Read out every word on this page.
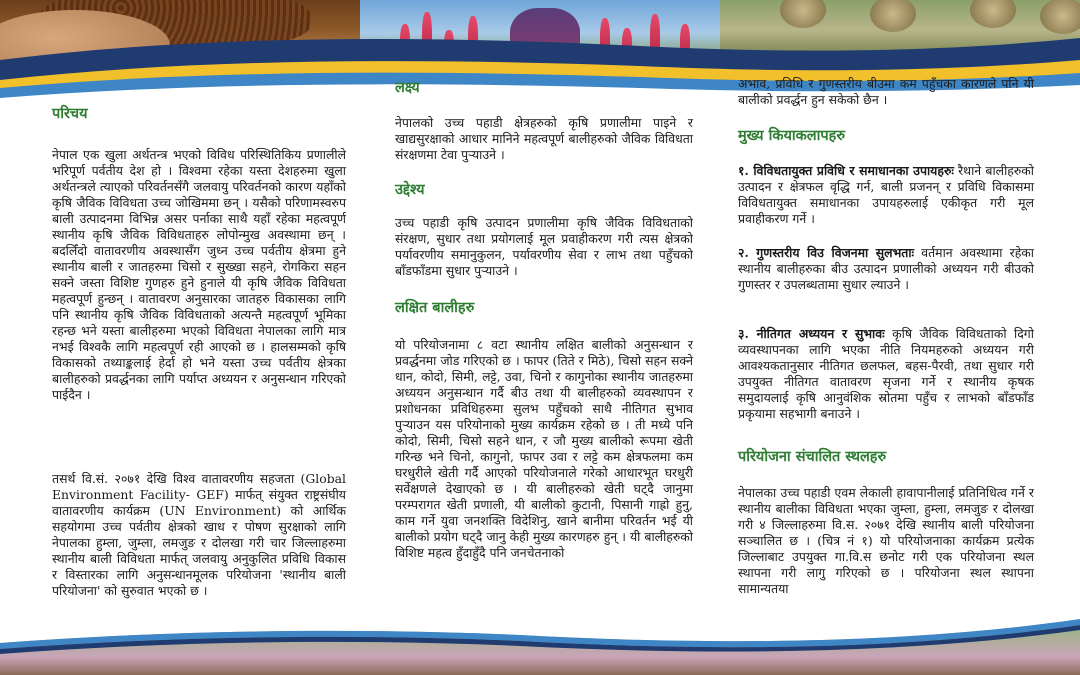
परिचय

नेपाल एक खुला अर्थतन्त्र भएको विविध परिस्थितिकिय प्रणालीले भरिपूर्ण पर्वतीय देश हो । विश्वमा रहेका यस्ता देशहरुमा खुला अर्थतन्त्रले त्याएको परिवर्तनसँगै जलवायु परिवर्तनको कारण यहाँको कृषि जैविक विविधता उच्च जोखिममा छन् । यसैको परिणामस्वरुप बाली उत्पादनमा विभिन्न असर पर्नाका साथै यहाँ रहेका महत्वपूर्ण स्थानीय कृषि जैविक विविधताहरु लोपोन्मुख अवस्थामा छन् । बदलिँदो वातावरणीय अवस्थासँग जुध्न उच्च पर्वतीय क्षेत्रमा हुने स्थानीय बाली र जातहरुमा चिसो र सुख्खा सहने, रोगकिरा सहन सक्ने जस्ता विशिष्ट गुणहरु हुने हुनाले यी कृषि जैविक विविधता महत्वपूर्ण हुन्छन् । वातावरण अनुसारका जातहरु विकासका लागि पनि स्थानीय कृषि जैविक विविधताको अत्यन्तै महत्वपूर्ण भूमिका रहन्छ भने यस्ता बालीहरुमा भएको विविधता नेपालका लागि मात्र नभई विश्वकै लागि महत्वपूर्ण रही आएको छ । हालसम्मको कृषि विकासको तथ्याङ्कलाई हेर्दा हो भने यस्ता उच्च पर्वतीय क्षेत्रका बालीहरुको प्रवर्द्धनका लागि पर्याप्त अध्ययन र अनुसन्धान गरिएको पाईदैन ।

तसर्थ वि.सं. २०७१ देखि विश्व वातावरणीय सहजता (Global Environment Facility- GEF) मार्फत् संयुक्त राष्ट्रसंघीय वातावरणीय कार्यक्रम (UN Environment) को आर्थिक सहयोगमा उच्च पर्वतीय क्षेत्रको खाध र पोषण सुरक्षाको लागि नेपालका हुम्ला, जुम्ला, लमजुङ र दोलखा गरी चार जिल्लाहरुमा स्थानीय बाली विविधता मार्फत् जलवायु अनुकुलित प्रविधि विकास र विस्तारका लागि अनुसन्धानमूलक परियोजना 'स्थानीय बाली परियोजना' को सुरुवात भएको छ ।

लक्ष्य

नेपालको उच्च पहाडी क्षेत्रहरुको कृषि प्रणालीमा पाइने र खाद्यसुरक्षाको आधार मानिने महत्वपूर्ण बालीहरुको जैविक विविधता संरक्षणमा टेवा पुऱ्याउने ।

उद्देश्य

उच्च पहाडी कृषि उत्पादन प्रणालीमा कृषि जैविक विविधताको संरक्षण, सुधार तथा प्रयोगलाई मूल प्रवाहीकरण गरी त्यस क्षेत्रको पर्यावरणीय समानुकुलन, पर्यावरणीय सेवा र लाभ तथा पहुँचको बाँडफाँडमा सुधार पुऱ्याउने ।

लक्षित बालीहरु

यो परियोजनामा ८ वटा स्थानीय लक्षित बालीको अनुसन्धान र प्रवर्द्धनमा जोड गरिएको छ । फापर (तिते र मिठे), चिसो सहन सक्ने धान, कोदो, सिमी, लट्टे, उवा, चिनो र कागुनोका स्थानीय जातहरुमा अध्ययन अनुसन्धान गर्दै बीउ तथा यी बालीहरुको व्यवस्थापन र प्रशोधनका प्रविधिहरुमा सुलभ पहुँचको साथै नीतिगत सुभाव पुऱ्याउन यस परियोनाको मुख्य कार्यक्रम रहेको छ । ती मध्ये पनि कोदो, सिमी, चिसो सहने धान, र जौ मुख्य बालीको रूपमा खेती गरिन्छ भने चिनो, कागुनो, फापर उवा र लट्टे कम क्षेत्रफलमा कम घरधुरीले खेती गर्दै आएको परियोजनाले गरेको आधारभूत घरधुरी सर्वेक्षणले देखाएको छ । यी बालीहरुको खेती घट्दै जानुमा परम्परागत खेती प्रणाली, यी बालीको कुटानी, पिसानी गाह्रो हुनु, काम गर्ने युवा जनशक्ति विदेशिनु, खाने बानीमा परिवर्तन भई यी बालीको प्रयोग घट्दै जानु केही मुख्य कारणहरु हुन् । यी बालीहरुको विशिष्ट महत्व हुँदाहुँदै पनि जनचेतनाको

अभाव, प्रविधि र गुणस्तरीय बीउमा कम पहुँचका कारणले पनि यी बालीको प्रवर्द्धन हुन सकेको छैन ।

मुख्य कियाकलापहरु

१. विविधतायुक्त प्रविधि र समाधानका उपायहरुः रैथाने बालीहरुको उत्पादन र क्षेत्रफल वृद्धि गर्न, बाली प्रजनन् र प्रविधि विकासमा विविधतायुक्त समाधानका उपायहरुलाई एकीकृत गरी मूल प्रवाहीकरण गर्ने ।

२. गुणस्तरीय विउ विजनमा सुलभताः वर्तमान अवस्थामा रहेका स्थानीय बालीहरुका बीउ उत्पादन प्रणालीको अध्ययन गरी बीउको गुणस्तर र उपलब्धतामा सुधार ल्याउने ।

३. नीतिगत अध्ययन र सुभावः कृषि जैविक विविधताको दिगो व्यवस्थापनका लागि भएका नीति नियमहरुको अध्ययन गरी आवश्यकतानुसार नीतिगत छलफल, बहस-पैरवी, तथा सुधार गरी उपयुक्त नीतिगत वातावरण सृजना गर्ने र स्थानीय कृषक समुदायलाई कृषि आनुवंशिक स्रोतमा पहुँच र लाभको बाँडफाँड प्रकृयामा सहभागी बनाउने ।

परियोजना संचालित स्थलहरु

नेपालका उच्च पहाडी एवम लेकाली हावापानीलाई प्रतिनिधित्व गर्ने र स्थानीय बालीका विविधता भएका जुम्ला, हुम्ला, लमजुङ र दोलखा गरी ४ जिल्लाहरुमा वि.स. २०७१ देखि स्थानीय बाली परियोजना सञ्चालित छ । (चित्र नं १) यो परियोजनाका कार्यक्रम प्रत्येक जिल्लाबाट उपयुक्त गा.वि.स छनोट गरी एक परियोजना स्थल स्थापना गरी लागु गरिएको छ । परियोजना स्थल स्थापना सामान्यतया
